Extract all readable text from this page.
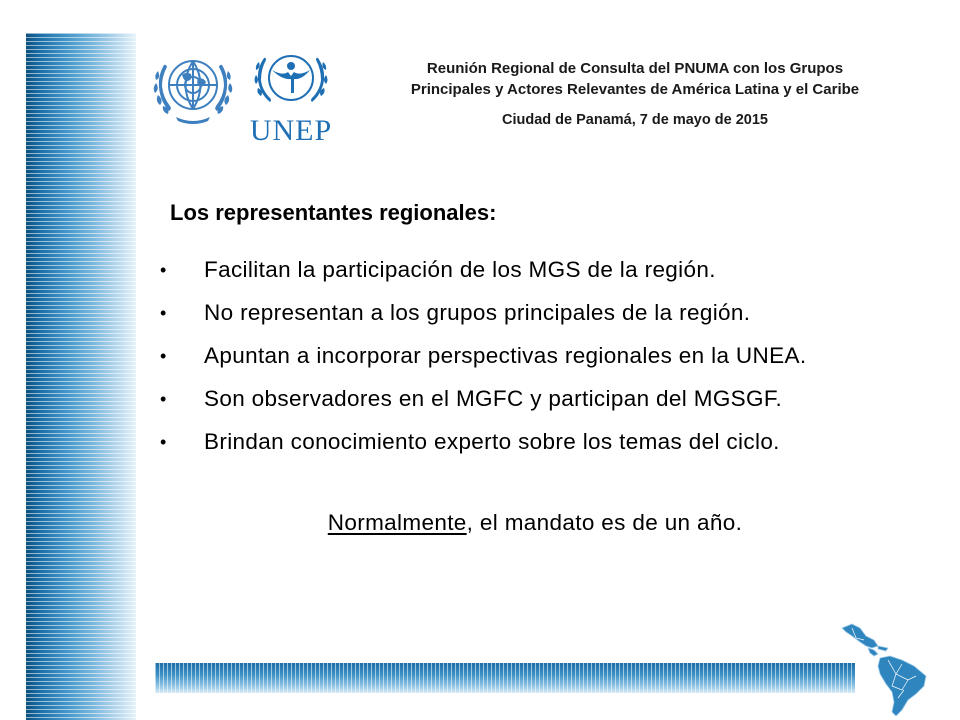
UNEP
Reunión Regional de Consulta del PNUMA con los Grupos
Principales y Actores Relevantes de América Latina y el Caribe
Ciudad de Panamá, 7 de mayo de 2015
Los representantes regionales:
•	Facilitan la participación de los MGS de la región.
•	No representan a los grupos principales de la región.
•	Apuntan a incorporar perspectivas regionales en la UNEA.
•	Son observadores en el MGFC y participan del MGSGF.
•	Brindan conocimiento experto sobre los temas del ciclo.
Normalmente, el mandato es de un año.
